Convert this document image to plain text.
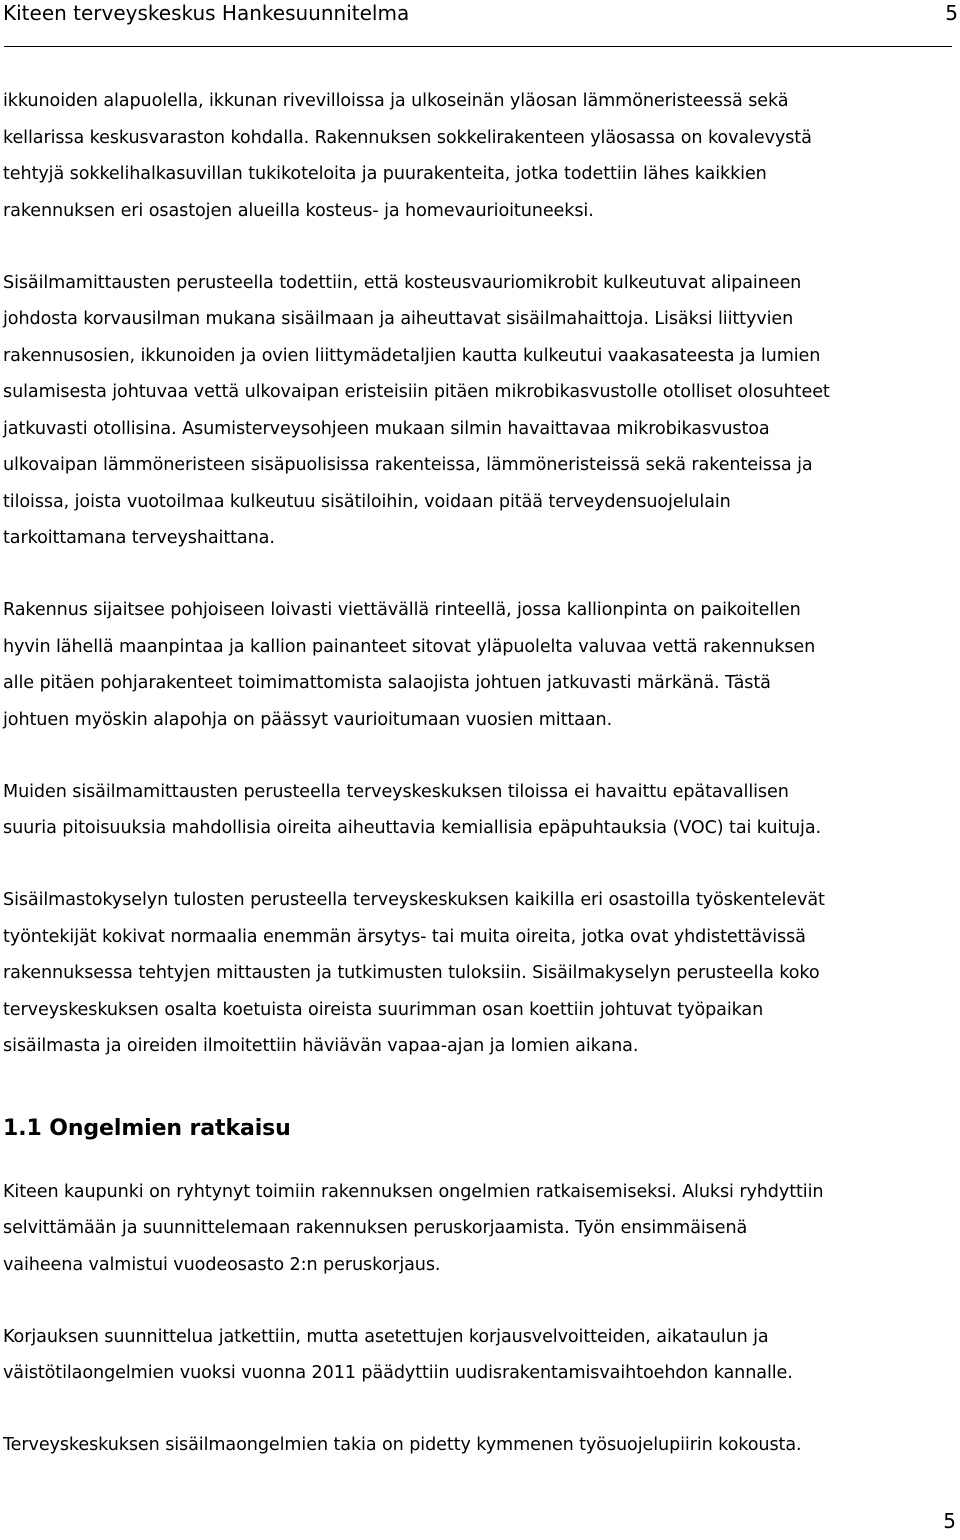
Kiteen terveyskeskus Hankesuunnitelma	5

ikkunoiden alapuolella, ikkunan rivevilloissa ja ulkoseinän yläosan lämmöneristeessä sekä
kellarissa keskusvaraston kohdalla. Rakennuksen sokkelirakenteen yläosassa on kovalevystä
tehtyjä sokkelihalkasuvillan tukikoteloita ja puurakenteita, jotka todettiin lähes kaikkien
rakennuksen eri osastojen alueilla kosteus- ja homevaurioituneeksi.

Sisäilmamittausten perusteella todettiin, että kosteusvauriomikrobit kulkeutuvat alipaineen
johdosta korvausilman mukana sisäilmaan ja aiheuttavat sisäilmahaittoja. Lisäksi liittyvien
rakennusosien, ikkunoiden ja ovien liittymädetaljien kautta kulkeutui vaakasateesta ja lumien
sulamisesta johtuvaa vettä ulkovaipan eristeisiin pitäen mikrobikasvustolle otolliset olosuhteet
jatkuvasti otollisina. Asumisterveysohjeen mukaan silmin havaittavaa mikrobikasvustoa
ulkovaipan lämmöneristeen sisäpuolisissa rakenteissa, lämmöneristeissä sekä rakenteissa ja
tiloissa, joista vuotoilmaa kulkeutuu sisätiloihin, voidaan pitää terveydensuojelulain
tarkoittamana terveyshaittana.

Rakennus sijaitsee pohjoiseen loivasti viettävällä rinteellä, jossa kallionpinta on paikoitellen
hyvin lähellä maanpintaa ja kallion painanteet sitovat yläpuolelta valuvaa vettä rakennuksen
alle pitäen pohjarakenteet toimimattomista salaojista johtuen jatkuvasti märkänä. Tästä
johtuen myöskin alapohja on päässyt vaurioitumaan vuosien mittaan.

Muiden sisäilmamittausten perusteella terveyskeskuksen tiloissa ei havaittu epätavallisen
suuria pitoisuuksia mahdollisia oireita aiheuttavia kemiallisia epäpuhtauksia (VOC) tai kuituja.

Sisäilmastokyselyn tulosten perusteella terveyskeskuksen kaikilla eri osastoilla työskentelevät
työntekijät kokivat normaalia enemmän ärsytys- tai muita oireita, jotka ovat yhdistettävissä
rakennuksessa tehtyjen mittausten ja tutkimusten tuloksiin. Sisäilmakyselyn perusteella koko
terveyskeskuksen osalta koetuista oireista suurimman osan koettiin johtuvat työpaikan
sisäilmasta ja oireiden ilmoitettiin häviävän vapaa-ajan ja lomien aikana.

1.1 Ongelmien ratkaisu

Kiteen kaupunki on ryhtynyt toimiin rakennuksen ongelmien ratkaisemiseksi. Aluksi ryhdyttiin
selvittämään ja suunnittelemaan rakennuksen peruskorjaamista. Työn ensimmäisenä
vaiheena valmistui vuodeosasto 2:n peruskorjaus.

Korjauksen suunnittelua jatkettiin, mutta asetettujen korjausvelvoitteiden, aikataulun ja
väistötilaongelmien vuoksi vuonna 2011 päädyttiin uudisrakentamisvaihtoehdon kannalle.

Terveyskeskuksen sisäilmaongelmien takia on pidetty kymmenen työsuojelupiirin kokousta.

5
